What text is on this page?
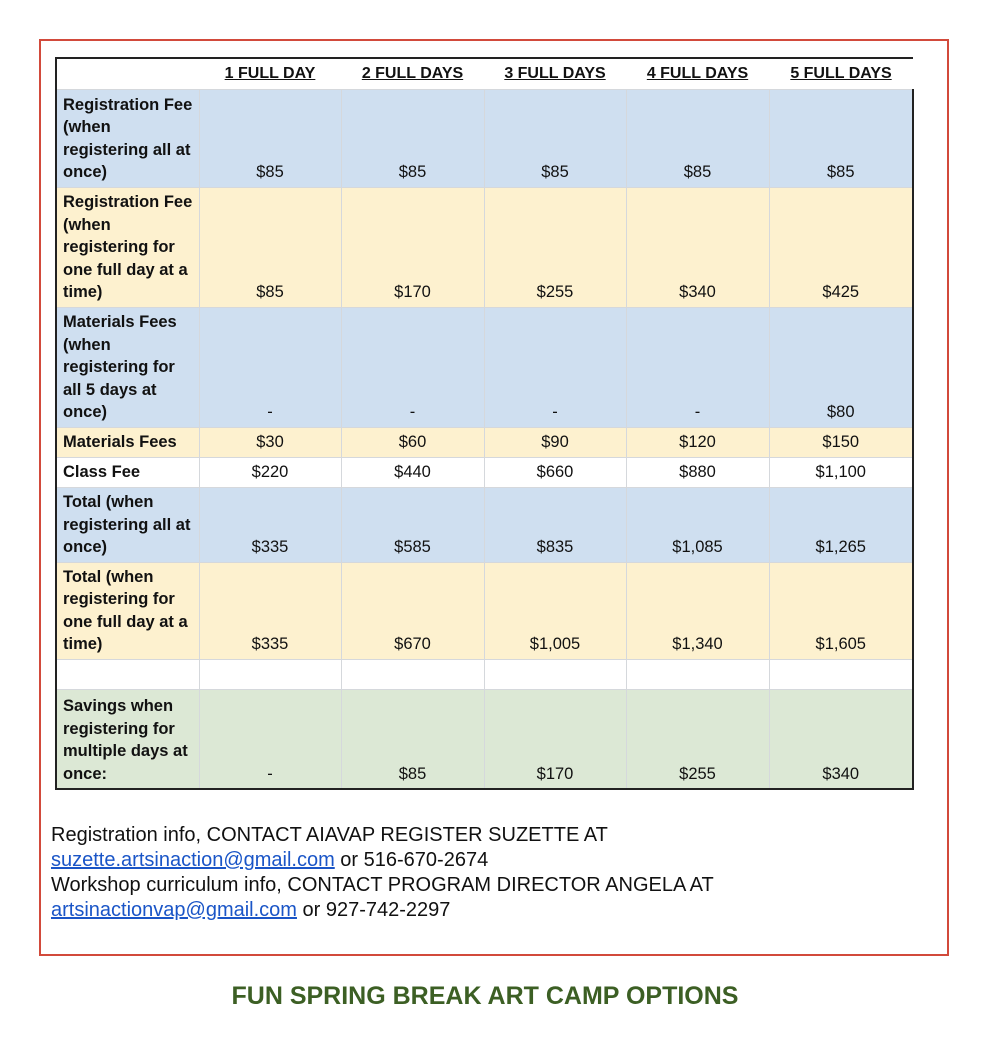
	1 FULL DAY	2 FULL DAYS	3 FULL DAYS	4 FULL DAYS	5 FULL DAYS
Registration Fee (when registering all at once)	$85	$85	$85	$85	$85
Registration Fee (when registering for one full day at a time)	$85	$170	$255	$340	$425
Materials Fees (when registering for all 5 days at once)	-	-	-	-	$80
Materials Fees	$30	$60	$90	$120	$150
Class Fee	$220	$440	$660	$880	$1,100
Total (when registering all at once)	$335	$585	$835	$1,085	$1,265
Total (when registering for one full day at a time)	$335	$670	$1,005	$1,340	$1,605

Savings when registering for multiple days at once:	-	$85	$170	$255	$340
Registration info, CONTACT AIAVAP REGISTER SUZETTE AT
suzette.artsinaction@gmail.com or 516-670-2674
Workshop curriculum info, CONTACT PROGRAM DIRECTOR ANGELA AT
artsinactionvap@gmail.com or 927-742-2297
FUN SPRING BREAK ART CAMP OPTIONS
